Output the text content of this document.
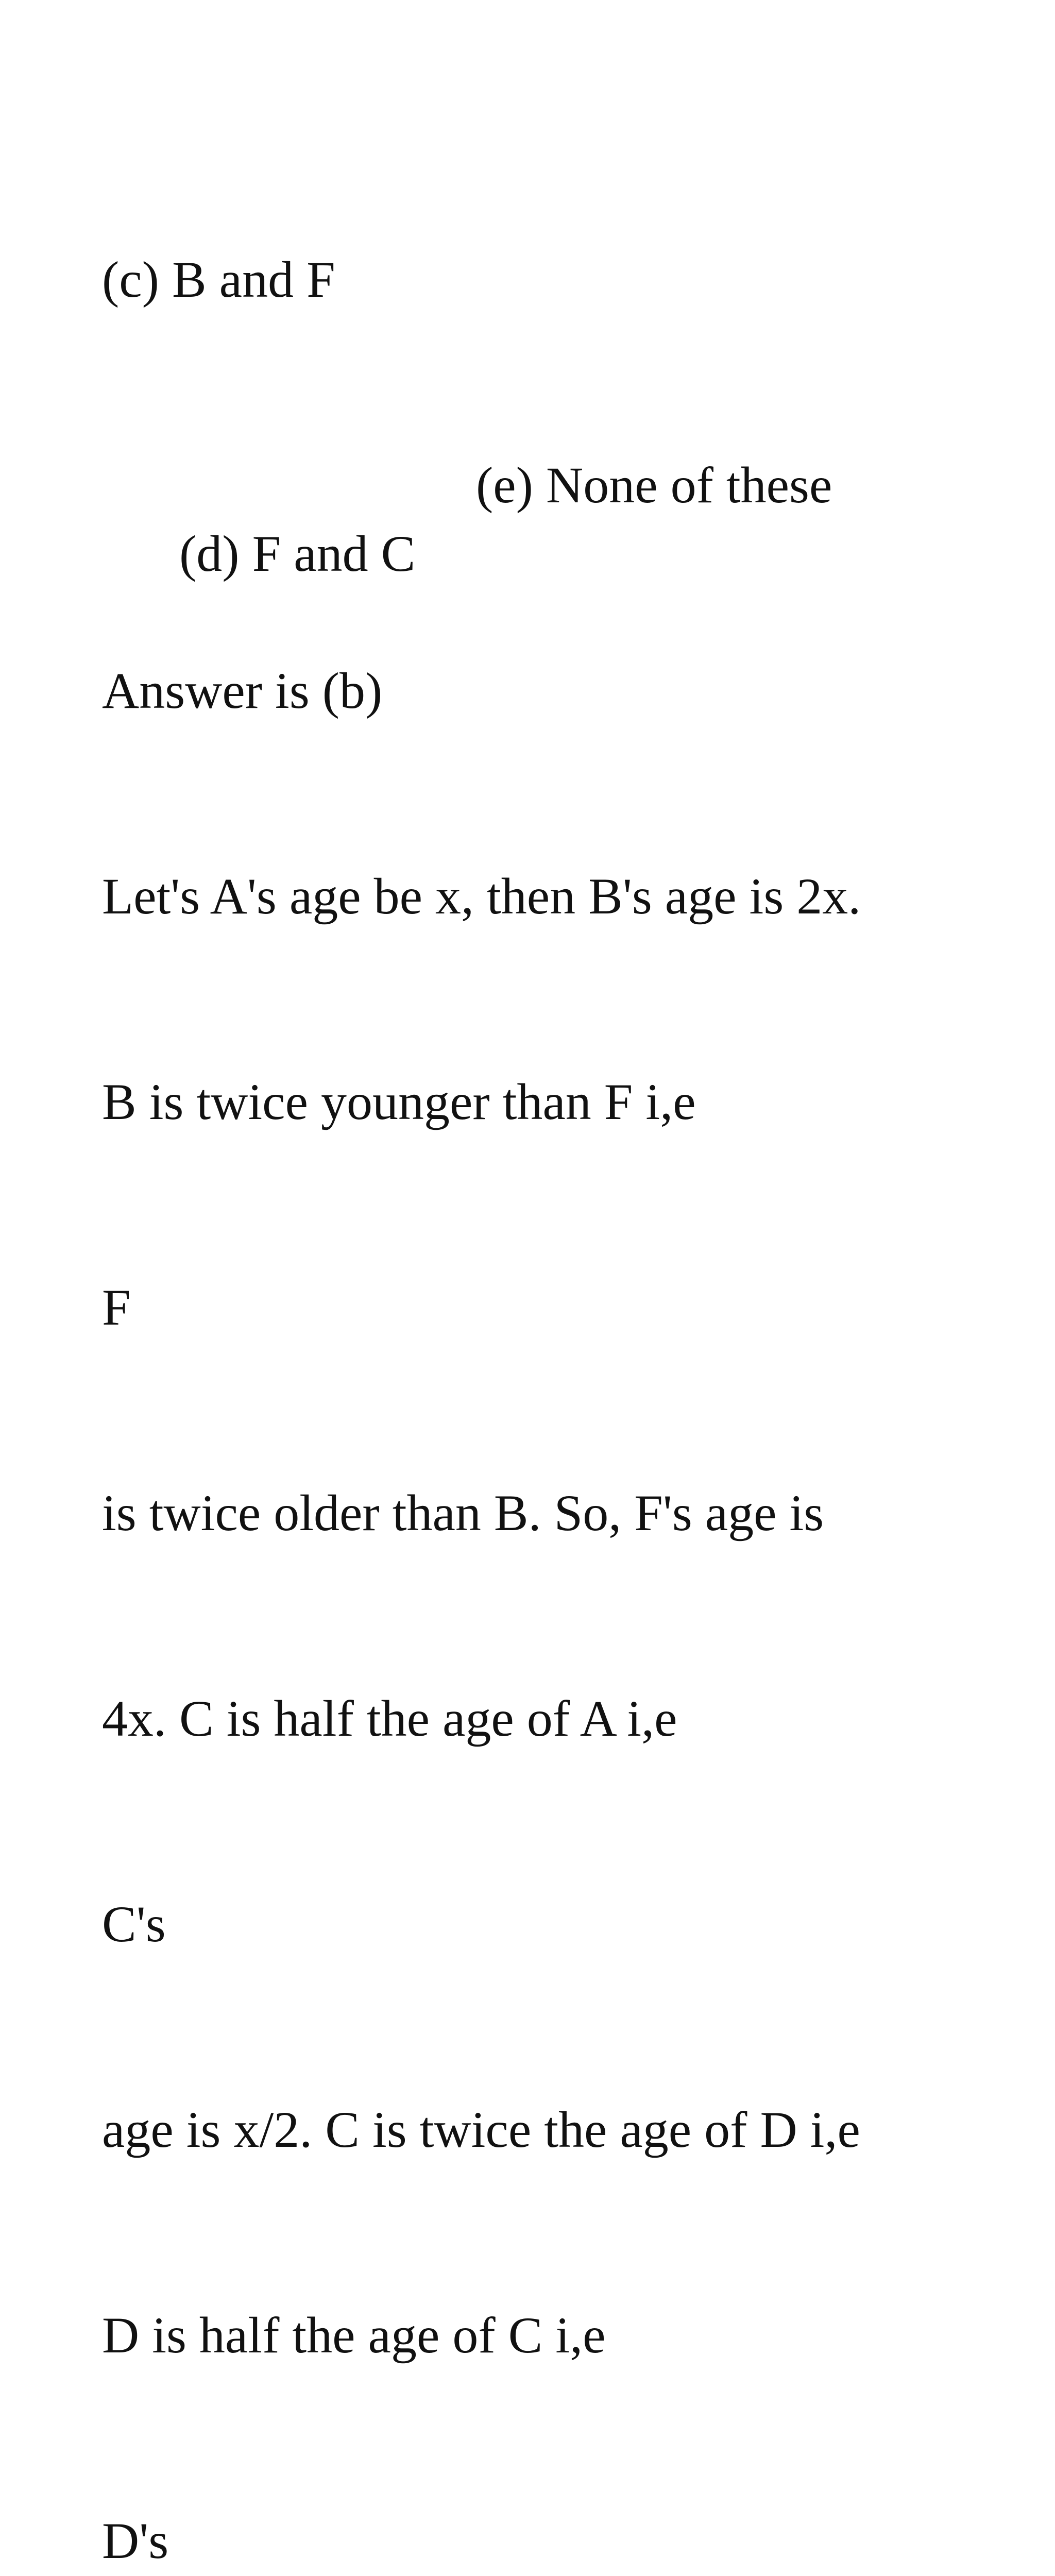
(c) B and F

(d) F and C

(e) None of these

Answer is (b)

Let's A's age be x, then B's age is 2x.

B is twice younger than F i,e

F

is twice older than B. So, F's age is

4x. C is half the age of A i,e

C's

age is x/2. C is twice the age of D i,e

D is half the age of C i,e

D's
